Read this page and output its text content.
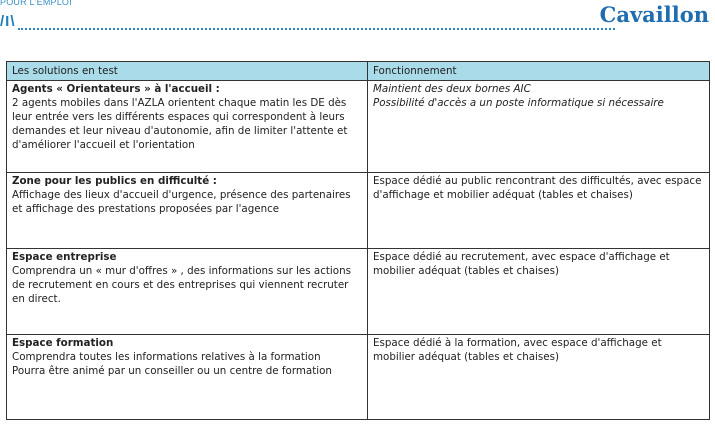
POUR L'EMPLOI
/I\	Cavaillon
Les solutions en test	Fonctionnement

Agents « Orientateurs » à l'accueil :
2 agents mobiles dans l'AZLA orientent chaque matin les DE dès leur entrée vers les différents espaces qui correspondent à leurs demandes et leur niveau d'autonomie, afin de limiter l'attente et d'améliorer l'accueil et l'orientation	Maintient des deux bornes AIC
Possibilité d'accès a un poste informatique si nécessaire

Zone pour les publics en difficulté :
Affichage des lieux d'accueil d'urgence, présence des partenaires et affichage des prestations proposées par l'agence	Espace dédié au public rencontrant des difficultés, avec espace d'affichage et mobilier adéquat (tables et chaises)

Espace entreprise
Comprendra un « mur d'offres » , des informations sur les actions de recrutement en cours et des entreprises qui viennent recruter en direct.	Espace dédié au recrutement, avec espace d'affichage et mobilier adéquat (tables et chaises)

Espace formation
Comprendra toutes les informations relatives à la formation
Pourra être animé par un conseiller ou un centre de formation	Espace dédié à la formation, avec espace d'affichage et mobilier adéquat (tables et chaises)
